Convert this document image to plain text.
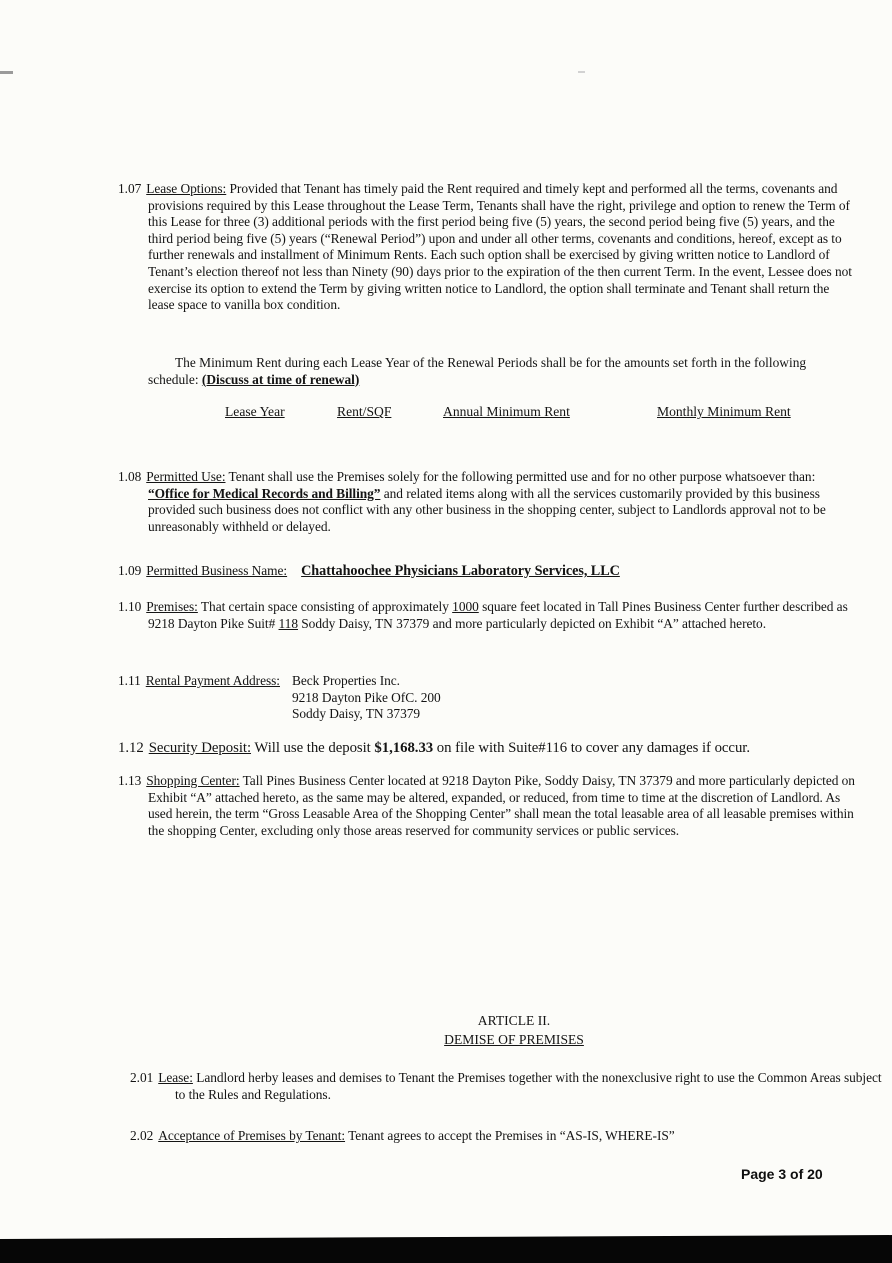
1.07 Lease Options: Provided that Tenant has timely paid the Rent required and timely kept and performed all the terms, covenants and provisions required by this Lease throughout the Lease Term, Tenants shall have the right, privilege and option to renew the Term of this Lease for three (3) additional periods with the first period being five (5) years, the second period being five (5) years, and the third period being five (5) years (“Renewal Period”) upon and under all other terms, covenants and conditions, hereof, except as to further renewals and installment of Minimum Rents. Each such option shall be exercised by giving written notice to Landlord of Tenant’s election thereof not less than Ninety (90) days prior to the expiration of the then current Term. In the event, Lessee does not exercise its option to extend the Term by giving written notice to Landlord, the option shall terminate and Tenant shall return the lease space to vanilla box condition.

The Minimum Rent during each Lease Year of the Renewal Periods shall be for the amounts set forth in the following schedule: (Discuss at time of renewal)

Lease Year	Rent/SQF	Annual Minimum Rent	Monthly Minimum Rent

1.08 Permitted Use: Tenant shall use the Premises solely for the following permitted use and for no other purpose whatsoever than: “Office for Medical Records and Billing” and related items along with all the services customarily provided by this business provided such business does not conflict with any other business in the shopping center, subject to Landlords approval not to be unreasonably withheld or delayed.

1.09 Permitted Business Name: Chattahoochee Physicians Laboratory Services, LLC

1.10 Premises: That certain space consisting of approximately 1000 square feet located in Tall Pines Business Center further described as 9218 Dayton Pike Suit# 118 Soddy Daisy, TN 37379 and more particularly depicted on Exhibit “A” attached hereto.

1.11 Rental Payment Address: Beck Properties Inc.
9218 Dayton Pike OfC. 200
Soddy Daisy, TN 37379

1.12 Security Deposit: Will use the deposit $1,168.33 on file with Suite#116 to cover any damages if occur.

1.13 Shopping Center: Tall Pines Business Center located at 9218 Dayton Pike, Soddy Daisy, TN 37379 and more particularly depicted on Exhibit “A” attached hereto, as the same may be altered, expanded, or reduced, from time to time at the discretion of Landlord. As used herein, the term “Gross Leasable Area of the Shopping Center” shall mean the total leasable area of all leasable premises within the shopping Center, excluding only those areas reserved for community services or public services.

ARTICLE II.
DEMISE OF PREMISES

2.01 Lease: Landlord herby leases and demises to Tenant the Premises together with the nonexclusive right to use the Common Areas subject to the Rules and Regulations.

2.02 Acceptance of Premises by Tenant: Tenant agrees to accept the Premises in “AS-IS, WHERE-IS”

Page 3 of 20
